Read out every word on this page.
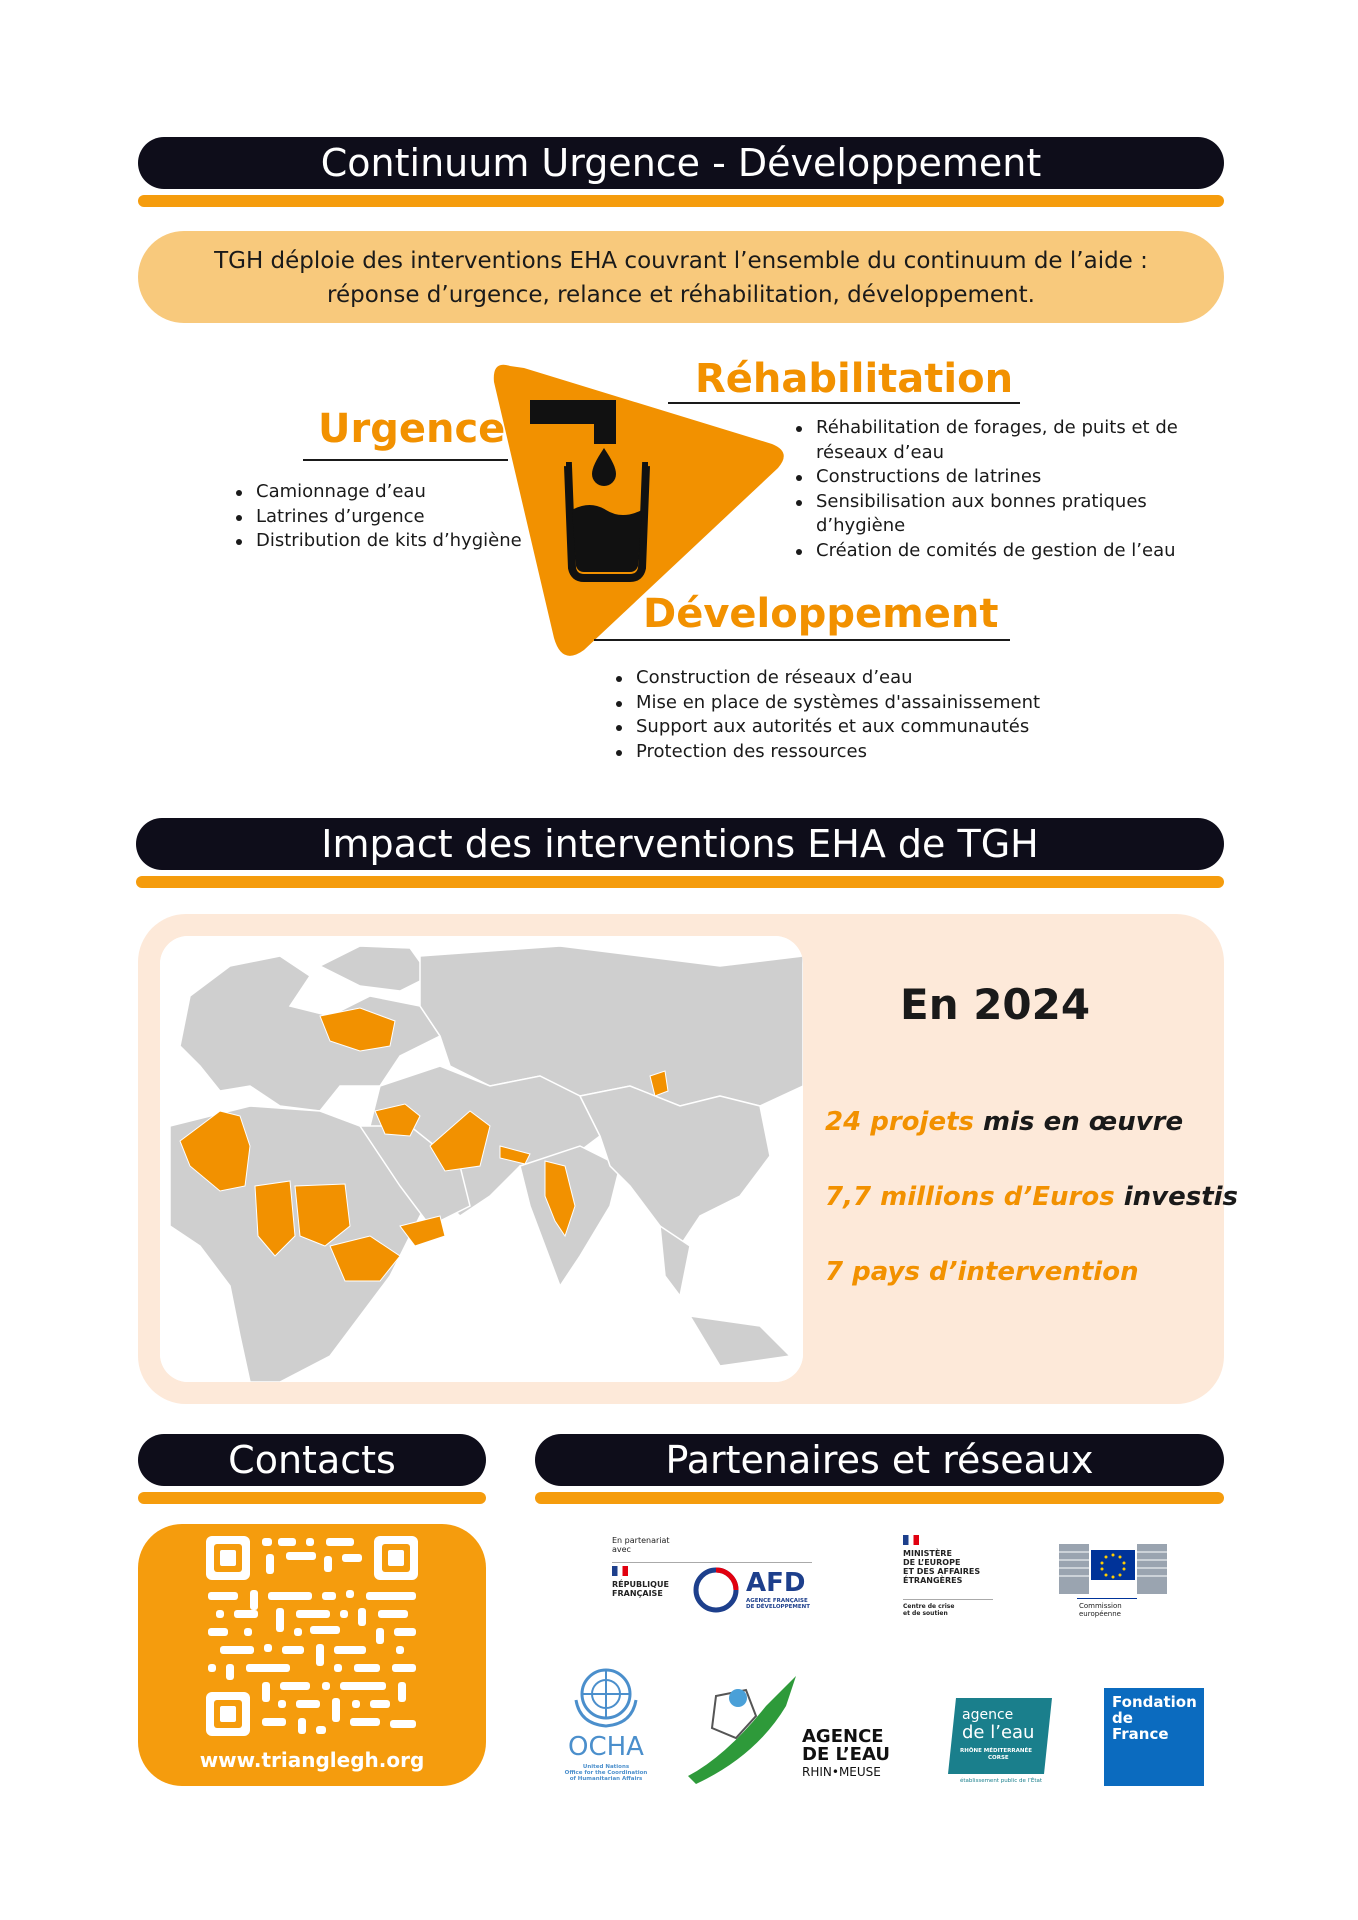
Continuum Urgence - Développement
TGH déploie des interventions EHA couvrant l’ensemble du continuum de l’aide :
réponse d’urgence, relance et réhabilitation, développement.
Urgence
Camionnage d’eau
Latrines d’urgence
Distribution de kits d’hygiène
Réhabilitation
Réhabilitation de forages, de puits et de
réseaux d’eau
Constructions de latrines
Sensibilisation aux bonnes pratiques
d’hygiène
Création de comités de gestion de l’eau
Développement
Construction de réseaux d’eau
Mise en place de systèmes d'assainissement
Support aux autorités et aux communautés
Protection des ressources
Impact des interventions EHA de TGH
En 2024
24 projets mis en œuvre
7,7 millions d’Euros investis
7 pays d’intervention
Contacts	Partenaires et réseaux
www.trianglegh.org
En partenariat
avec
RÉPUBLIQUE
FRANÇAISE	AFD
AGENCE FRANÇAISE
DE DÉVELOPPEMENT
MINISTÈRE
DE L’EUROPE
ET DES AFFAIRES
ÉTRANGÈRES
Centre de crise
et de soutien
Commission
européenne
OCHA
United Nations
Office for the Coordination
of Humanitarian Affairs
AGENCE
DE L’EAU
RHIN•MEUSE
agence
de l’eau
RHÔNE MÉDITERRANÉE
CORSE
établissement public de l’État
Fondation
de
France
